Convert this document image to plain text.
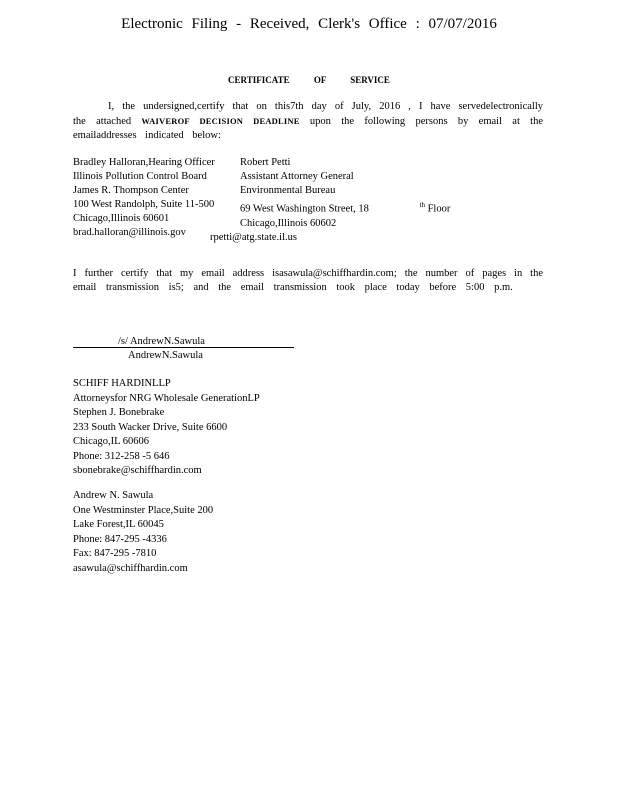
Electronic Filing - Received, Clerk's Office : 07/07/2016
CERTIFICATE OF SERVICE
I, the undersigned,certify that on this7th day of July, 2016 , I have servedelectronically
the attached WAIVEROF DECISION DEADLINE upon the following persons by email at the
emailaddresses indicated below:
Bradley Halloran,Hearing Officer
Illinois Pollution Control Board
James R. Thompson Center
100 West Randolph, Suite 11-500
Chicago,Illinois 60601
brad.halloran@illinois.gov
Robert Petti
Assistant Attorney General
Environmental Bureau
69 West Washington Street, 18	$^{th}$ Floor
Chicago,Illinois 60602
rpetti@atg.state.il.us
I further certify that my email address isasawula@schiffhardin.com; the number of pages in the
email transmission is5; and the email transmission took place today before 5:00 p.m.
/s/ AndrewN.Sawula
AndrewN.Sawula
SCHIFF HARDINLLP
Attorneysfor NRG Wholesale GenerationLP
Stephen J. Bonebrake
233 South Wacker Drive, Suite 6600
Chicago,IL 60606
Phone: 312-258 -5 646
sbonebrake@schiffhardin.com
Andrew N. Sawula
One Westminster Place,Suite 200
Lake Forest,IL 60045
Phone: 847-295 -4336
Fax: 847-295 -7810
asawula@schiffhardin.com
